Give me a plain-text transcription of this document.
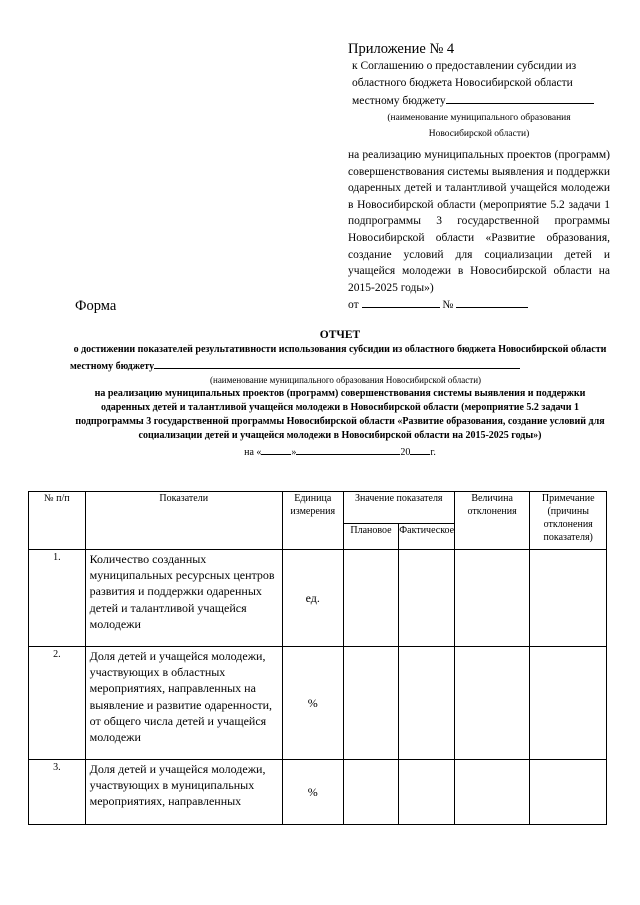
Приложение № 4
к Соглашению о предоставлении субсидии из
областного бюджета Новосибирской области
местному бюджету
(наименование муниципального образования
Новосибирской области)
на реализацию муниципальных проектов (программ) совершенствования системы выявления и поддержки одаренных детей и талантливой учащейся молодежи в Новосибирской области (мероприятие 5.2 задачи 1 подпрограммы 3 государственной программы Новосибирской области «Развитие образования, создание условий для социализации детей и учащейся молодежи в Новосибирской области на 2015-2025 годы»)
от	№
Форма
ОТЧЕТ
о достижении показателей результативности использования субсидии из областного бюджета Новосибирской области
местному бюджету
(наименование муниципального образования Новосибирской области)
на реализацию муниципальных проектов (программ) совершенствования системы выявления и поддержки одаренных детей и талантливой учащейся молодежи в Новосибирской области (мероприятие 5.2 задачи 1 подпрограммы 3 государственной программы Новосибирской области «Развитие образования, создание условий для социализации детей и учащейся молодежи в Новосибирской области на 2015-2025 годы»)
на «	»	20 г.
№ п/п	Показатели	Единица измерения	Значение показателя		Величина отклонения	Примечание (причины отклонения показателя)
			Плановое	Фактическое		
1.	Количество созданных муниципальных ресурсных центров развития и поддержки одаренных детей и талантливой учащейся молодежи	ед.				
2.	Доля детей и учащейся молодежи, участвующих в областных мероприятиях, направленных на выявление и развитие одаренности, от общего числа детей и учащейся молодежи	%				
3.	Доля детей и учащейся молодежи, участвующих в муниципальных мероприятиях, направленных	%				
